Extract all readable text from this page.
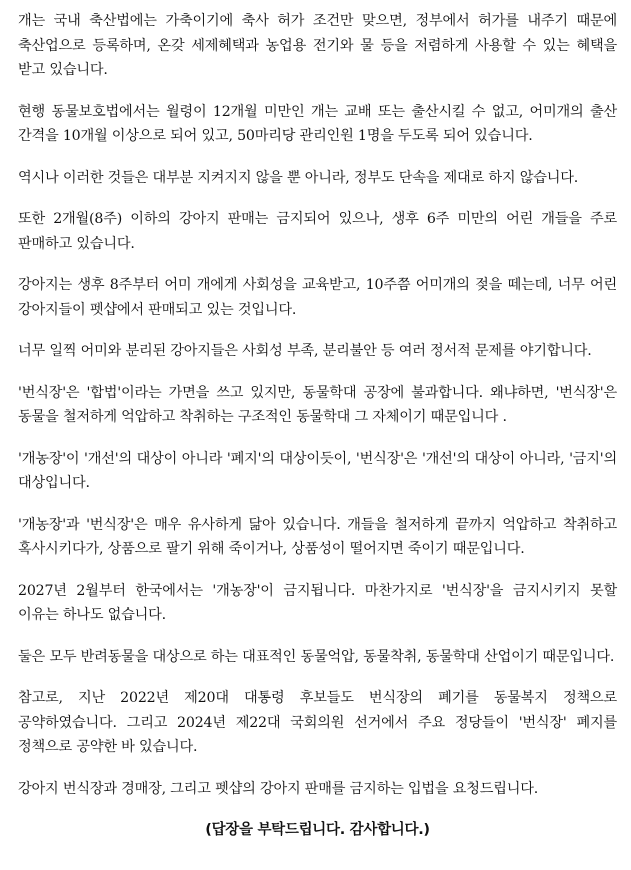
개는 국내 축산법에는 가축이기에 축사 허가 조건만 맞으면, 정부에서 허가를 내주기 때문에 축산업으로 등록하며, 온갖 세제혜택과 농업용 전기와 물 등을 저렴하게 사용할 수 있는 혜택을 받고 있습니다.

현행 동물보호법에서는 월령이 12개월 미만인 개는 교배 또는 출산시킬 수 없고, 어미개의 출산 간격을 10개월 이상으로 되어 있고, 50마리당 관리인원 1명을 두도록 되어 있습니다.

역시나 이러한 것들은 대부분 지켜지지 않을 뿐 아니라, 정부도 단속을 제대로 하지 않습니다.

또한 2개월(8주) 이하의 강아지 판매는 금지되어 있으나, 생후 6주 미만의 어린 개들을 주로 판매하고 있습니다.

강아지는 생후 8주부터 어미 개에게 사회성을 교육받고, 10주쯤 어미개의 젖을 떼는데, 너무 어린 강아지들이 펫샵에서 판매되고 있는 것입니다.

너무 일찍 어미와 분리된 강아지들은 사회성 부족, 분리불안 등 여러 정서적 문제를 야기합니다.

'번식장'은 '합법'이라는 가면을 쓰고 있지만, 동물학대 공장에 불과합니다. 왜냐하면, '번식장'은 동물을 철저하게 억압하고 착취하는 구조적인 동물학대 그 자체이기 때문입니다 .

'개농장'이 '개선'의 대상이 아니라 '폐지'의 대상이듯이, '번식장'은 '개선'의 대상이 아니라, '금지'의 대상입니다.

'개농장'과 '번식장'은 매우 유사하게 닮아 있습니다. 개들을 철저하게 끝까지 억압하고 착취하고 혹사시키다가, 상품으로 팔기 위해 죽이거나, 상품성이 떨어지면 죽이기 때문입니다.

2027년 2월부터 한국에서는 '개농장'이 금지됩니다. 마찬가지로 '번식장'을 금지시키지 못할 이유는 하나도 없습니다.

둘은 모두 반려동물을 대상으로 하는 대표적인 동물억압, 동물착취, 동물학대 산업이기 때문입니다.

참고로, 지난 2022년 제20대 대통령 후보들도 번식장의 폐기를 동물복지 정책으로 공약하였습니다. 그리고 2024년 제22대 국회의원 선거에서 주요 정당들이 '번식장' 폐지를 정책으로 공약한 바 있습니다.

강아지 번식장과 경매장, 그리고 펫샵의 강아지 판매를 금지하는 입법을 요청드립니다.

(답장을 부탁드립니다. 감사합니다.)
